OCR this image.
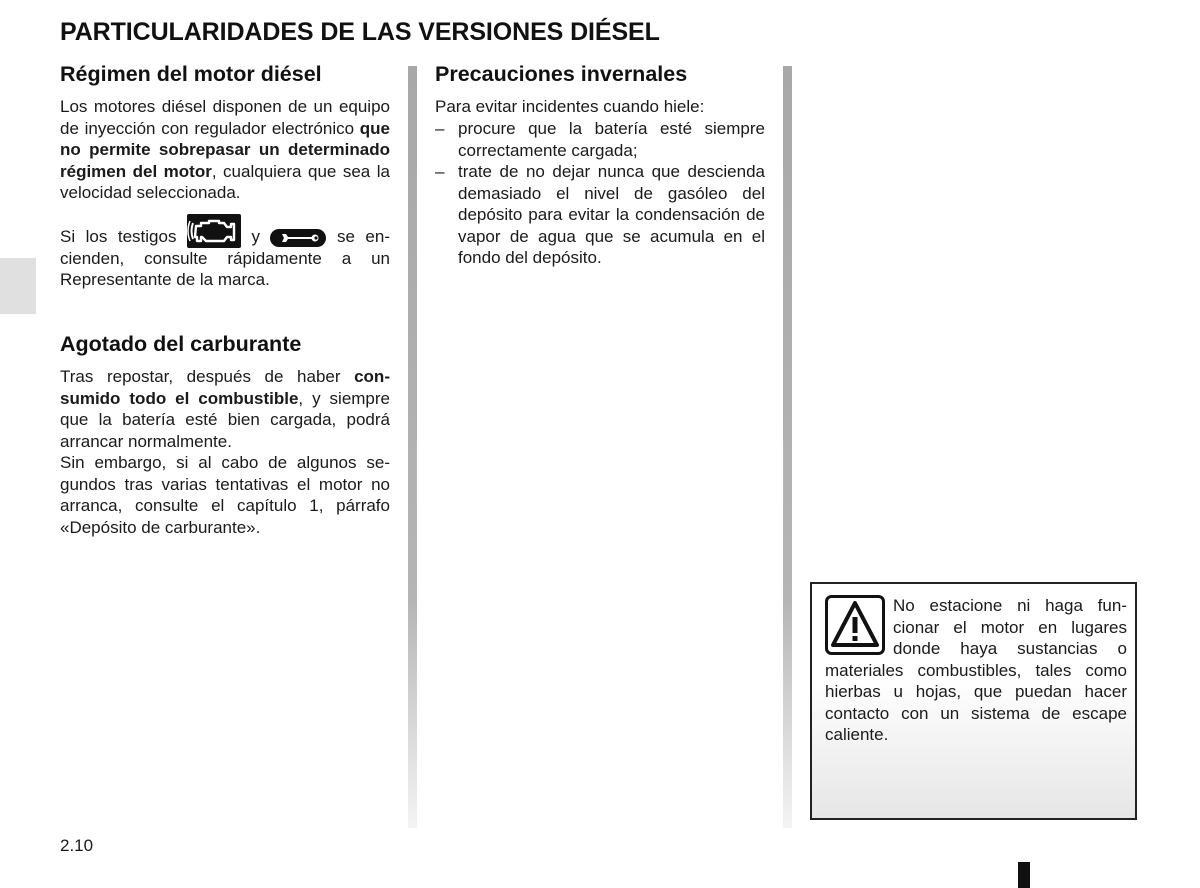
PARTICULARIDADES DE LAS VERSIONES DIÉSEL
Régimen del motor diésel

Los motores diésel disponen de un equipo de inyección con regulador electrónico que no permite sobrepasar un determinado régimen del motor, cualquiera que sea la velocidad seleccionada.

Si los testigos	y	se encienden, consulte rápidamente a un Representante de la marca.

Agotado del carburante

Tras repostar, después de haber consumido todo el combustible, y siempre que la batería esté bien cargada, podrá arrancar normalmente.

Sin embargo, si al cabo de algunos segundos tras varias tentativas el motor no arranca, consulte el capítulo 1, párrafo «Depósito de carburante».

Precauciones invernales

Para evitar incidentes cuando hiele:

– procure que la batería esté siempre correctamente cargada;
– trate de no dejar nunca que descienda demasiado el nivel de gasóleo del depósito para evitar la condensación de vapor de agua que se acumula en el fondo del depósito.
No estacione ni haga funcionar el motor en lugares donde haya sustancias o materiales combustibles, tales como hierbas u hojas, que puedan hacer contacto con un sistema de escape caliente.
2.10
